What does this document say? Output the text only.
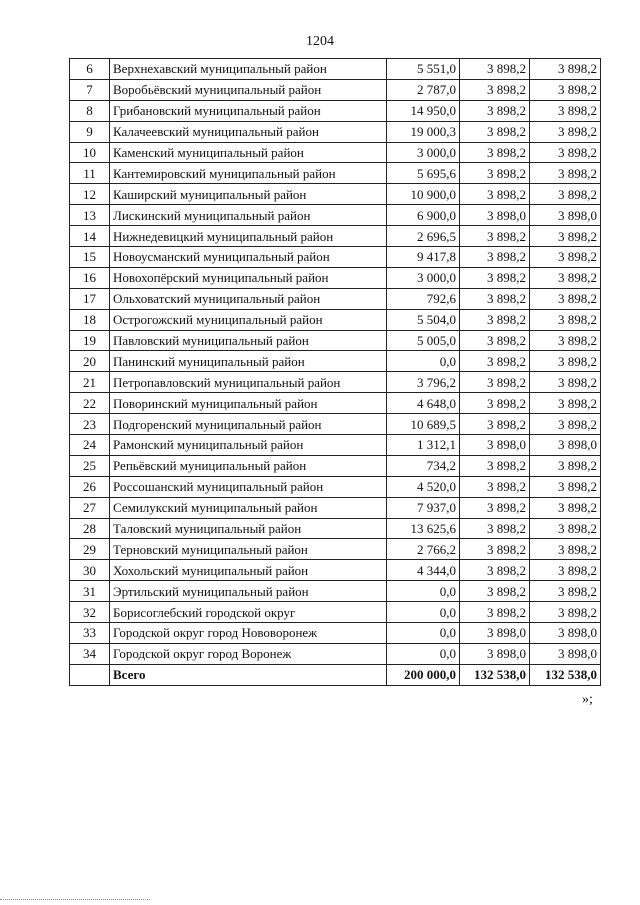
1204
6	Верхнехавский муниципальный район	5 551,0	3 898,2	3 898,2
7	Воробьёвский муниципальный район	2 787,0	3 898,2	3 898,2
8	Грибановский муниципальный район	14 950,0	3 898,2	3 898,2
9	Калачеевский муниципальный район	19 000,3	3 898,2	3 898,2
10	Каменский муниципальный район	3 000,0	3 898,2	3 898,2
11	Кантемировский муниципальный район	5 695,6	3 898,2	3 898,2
12	Каширский муниципальный район	10 900,0	3 898,2	3 898,2
13	Лискинский муниципальный район	6 900,0	3 898,0	3 898,0
14	Нижнедевицкий муниципальный район	2 696,5	3 898,2	3 898,2
15	Новоусманский муниципальный район	9 417,8	3 898,2	3 898,2
16	Новохопёрский муниципальный район	3 000,0	3 898,2	3 898,2
17	Ольховатский муниципальный район	792,6	3 898,2	3 898,2
18	Острогожский муниципальный район	5 504,0	3 898,2	3 898,2
19	Павловский муниципальный район	5 005,0	3 898,2	3 898,2
20	Панинский муниципальный район	0,0	3 898,2	3 898,2
21	Петропавловский муниципальный район	3 796,2	3 898,2	3 898,2
22	Поворинский муниципальный район	4 648,0	3 898,2	3 898,2
23	Подгоренский муниципальный район	10 689,5	3 898,2	3 898,2
24	Рамонский муниципальный район	1 312,1	3 898,0	3 898,0
25	Репьёвский муниципальный район	734,2	3 898,2	3 898,2
26	Россошанский муниципальный район	4 520,0	3 898,2	3 898,2
27	Семилукский муниципальный район	7 937,0	3 898,2	3 898,2
28	Таловский муниципальный район	13 625,6	3 898,2	3 898,2
29	Терновский муниципальный район	2 766,2	3 898,2	3 898,2
30	Хохольский муниципальный район	4 344,0	3 898,2	3 898,2
31	Эртильский муниципальный район	0,0	3 898,2	3 898,2
32	Борисоглебский городской округ	0,0	3 898,2	3 898,2
33	Городской округ город Нововоронеж	0,0	3 898,0	3 898,0
34	Городской округ город Воронеж	0,0	3 898,0	3 898,0
	Всего	200 000,0	132 538,0	132 538,0
»;
